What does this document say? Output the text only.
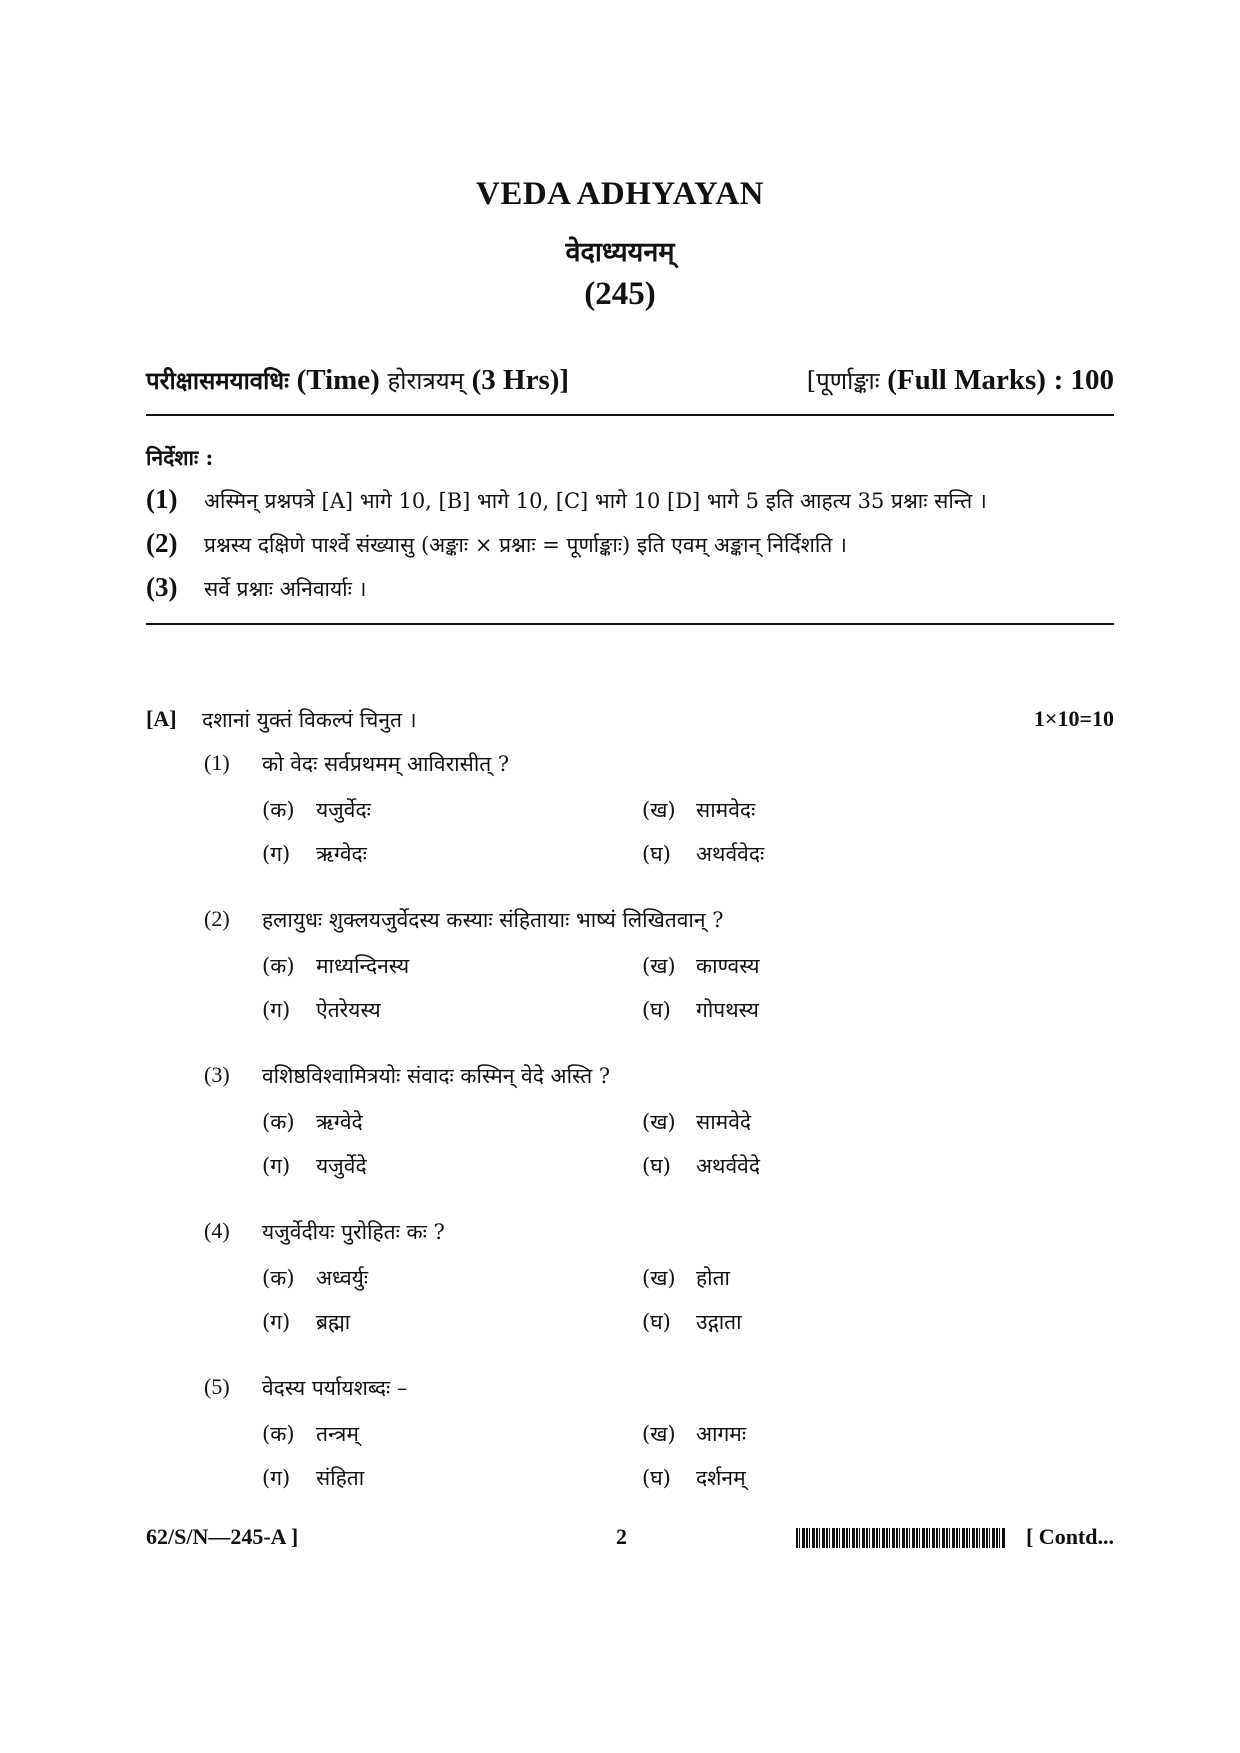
VEDA ADHYAYAN
वेदाध्ययनम्
(245)
परीक्षासमयावधिः (Time) होरात्रयम् (3 Hrs)]	[पूर्णाङ्काः (Full Marks) : 100
निर्देशाः :
(1) अस्मिन् प्रश्नपत्रे [A] भागे 10, [B] भागे 10, [C] भागे 10 [D] भागे 5 इति आहत्य 35 प्रश्नाः सन्ति ।
(2) प्रश्नस्य दक्षिणे पार्श्वे संख्यासु (अङ्काः × प्रश्नाः = पूर्णाङ्काः) इति एवम् अङ्कान् निर्दिशति ।
(3) सर्वे प्रश्नाः अनिवार्याः ।
[A] दशानां युक्तं विकल्पं चिनुत ।	1×10=10
(1) को वेदः सर्वप्रथमम् आविरासीत् ?
(क) यजुर्वेदः	(ख) सामवेदः
(ग) ऋग्वेदः	(घ) अथर्ववेदः
(2) हलायुधः शुक्लयजुर्वेदस्य कस्याः संहितायाः भाष्यं लिखितवान् ?
(क) माध्यन्दिनस्य	(ख) काण्वस्य
(ग) ऐतरेयस्य	(घ) गोपथस्य
(3) वशिष्ठविश्वामित्रयोः संवादः कस्मिन् वेदे अस्ति ?
(क) ऋग्वेदे	(ख) सामवेदे
(ग) यजुर्वेदे	(घ) अथर्ववेदे
(4) यजुर्वेदीयः पुरोहितः कः ?
(क) अध्वर्युः	(ख) होता
(ग) ब्रह्मा	(घ) उद्गाता
(5) वेदस्य पर्यायशब्दः –
(क) तन्त्रम्	(ख) आगमः
(ग) संहिता	(घ) दर्शनम्
62/S/N—245-A ]	2	[ Contd...
